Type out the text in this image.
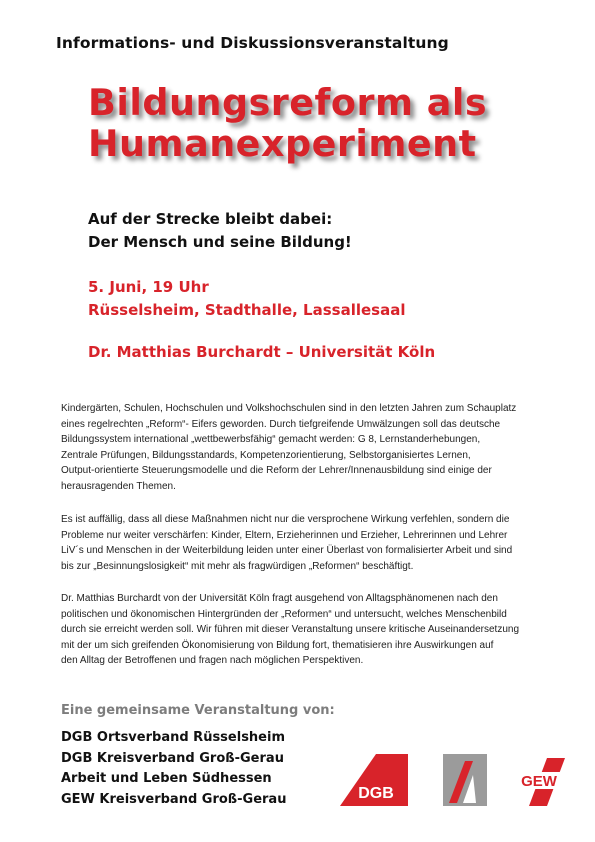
Informations- und Diskussionsveranstaltung
Bildungsreform als
Humanexperiment
Auf der Strecke bleibt dabei:
Der Mensch und seine Bildung!
5. Juni, 19 Uhr
Rüsselsheim, Stadthalle, Lassallesaal
Dr. Matthias Burchardt – Universität Köln
Kindergärten, Schulen, Hochschulen und Volkshochschulen sind in den letzten Jahren zum Schauplatz
eines regelrechten „Reform“- Eifers geworden. Durch tiefgreifende Umwälzungen soll das deutsche
Bildungssystem international „wettbewerbsfähig“ gemacht werden: G 8, Lernstanderhebungen,
Zentrale Prüfungen, Bildungsstandards, Kompetenzorientierung, Selbstorganisiertes Lernen,
Output-orientierte Steuerungsmodelle und die Reform der Lehrer/Innenausbildung sind einige der
herausragenden Themen.
Es ist auffällig, dass all diese Maßnahmen nicht nur die versprochene Wirkung verfehlen, sondern die
Probleme nur weiter verschärfen: Kinder, Eltern, Erzieherinnen und Erzieher, Lehrerinnen und Lehrer
LiV´s und Menschen in der Weiterbildung leiden unter einer Überlast von formalisierter Arbeit und sind
bis zur „Besinnungslosigkeit“ mit mehr als fragwürdigen „Reformen“ beschäftigt.
Dr. Matthias Burchardt von der Universität Köln fragt ausgehend von Alltagsphänomenen nach den
politischen und ökonomischen Hintergründen der „Reformen“ und untersucht, welches Menschenbild
durch sie erreicht werden soll. Wir führen mit dieser Veranstaltung unsere kritische Auseinandersetzung
mit der um sich greifenden Ökonomisierung von Bildung fort, thematisieren ihre Auswirkungen auf
den Alltag der Betroffenen und fragen nach möglichen Perspektiven.
Eine gemeinsame Veranstaltung von:
DGB Ortsverband Rüsselsheim
DGB Kreisverband Groß-Gerau
Arbeit und Leben Südhessen
GEW Kreisverband Groß-Gerau	DGB
GEW
